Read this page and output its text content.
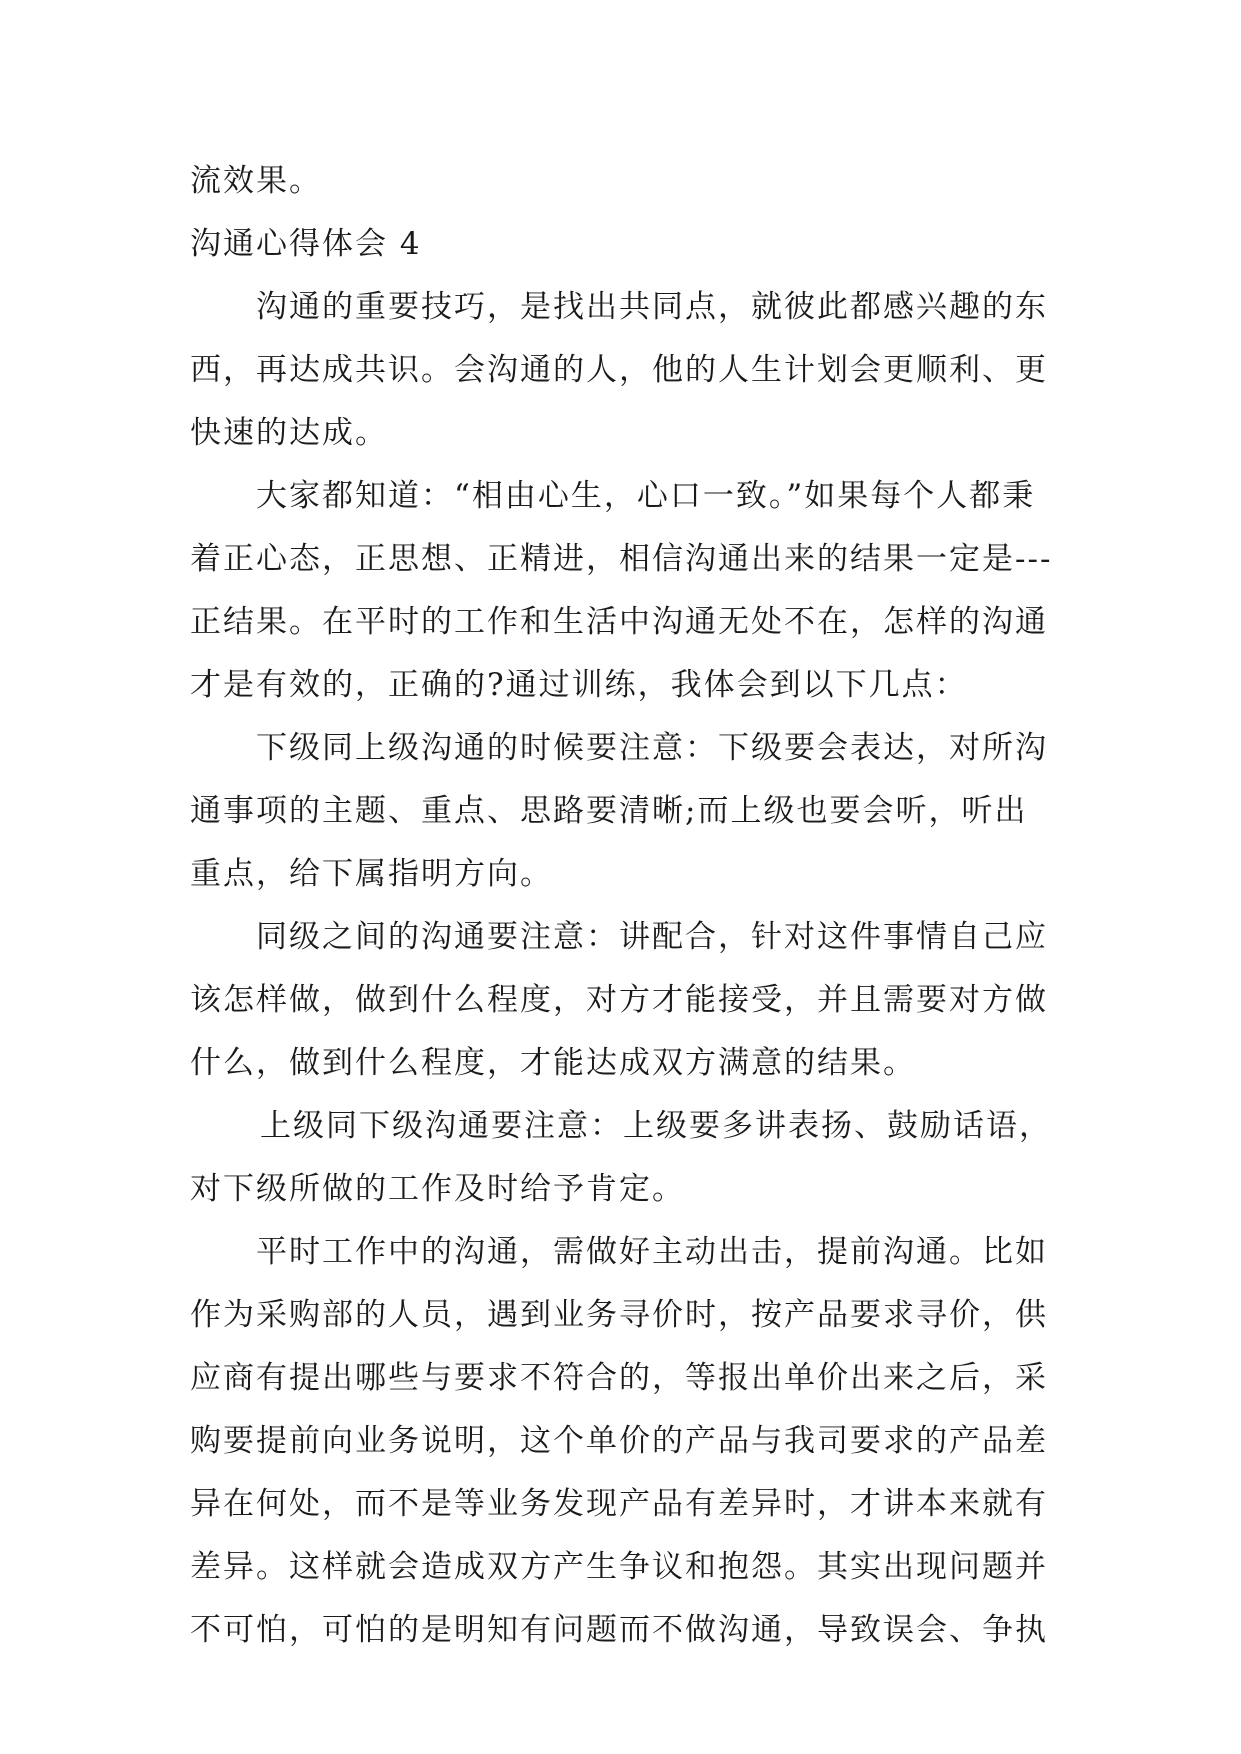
流效果。
沟通心得体会 4
沟通的重要技巧，是找出共同点，就彼此都感兴趣的东
西，再达成共识。会沟通的人，他的人生计划会更顺利、更
快速的达成。
大家都知道：“相由心生，心口一致。”如果每个人都秉
着正心态，正思想、正精进，相信沟通出来的结果一定是---
正结果。在平时的工作和生活中沟通无处不在，怎样的沟通
才是有效的，正确的?通过训练，我体会到以下几点：
下级同上级沟通的时候要注意：下级要会表达，对所沟
通事项的主题、重点、思路要清晰;而上级也要会听，听出
重点，给下属指明方向。
同级之间的沟通要注意：讲配合，针对这件事情自己应
该怎样做，做到什么程度，对方才能接受，并且需要对方做
什么，做到什么程度，才能达成双方满意的结果。
上级同下级沟通要注意：上级要多讲表扬、鼓励话语，
对下级所做的工作及时给予肯定。
平时工作中的沟通，需做好主动出击，提前沟通。比如
作为采购部的人员，遇到业务寻价时，按产品要求寻价，供
应商有提出哪些与要求不符合的，等报出单价出来之后，采
购要提前向业务说明，这个单价的产品与我司要求的产品差
异在何处，而不是等业务发现产品有差异时，才讲本来就有
差异。这样就会造成双方产生争议和抱怨。其实出现问题并
不可怕，可怕的是明知有问题而不做沟通，导致误会、争执
